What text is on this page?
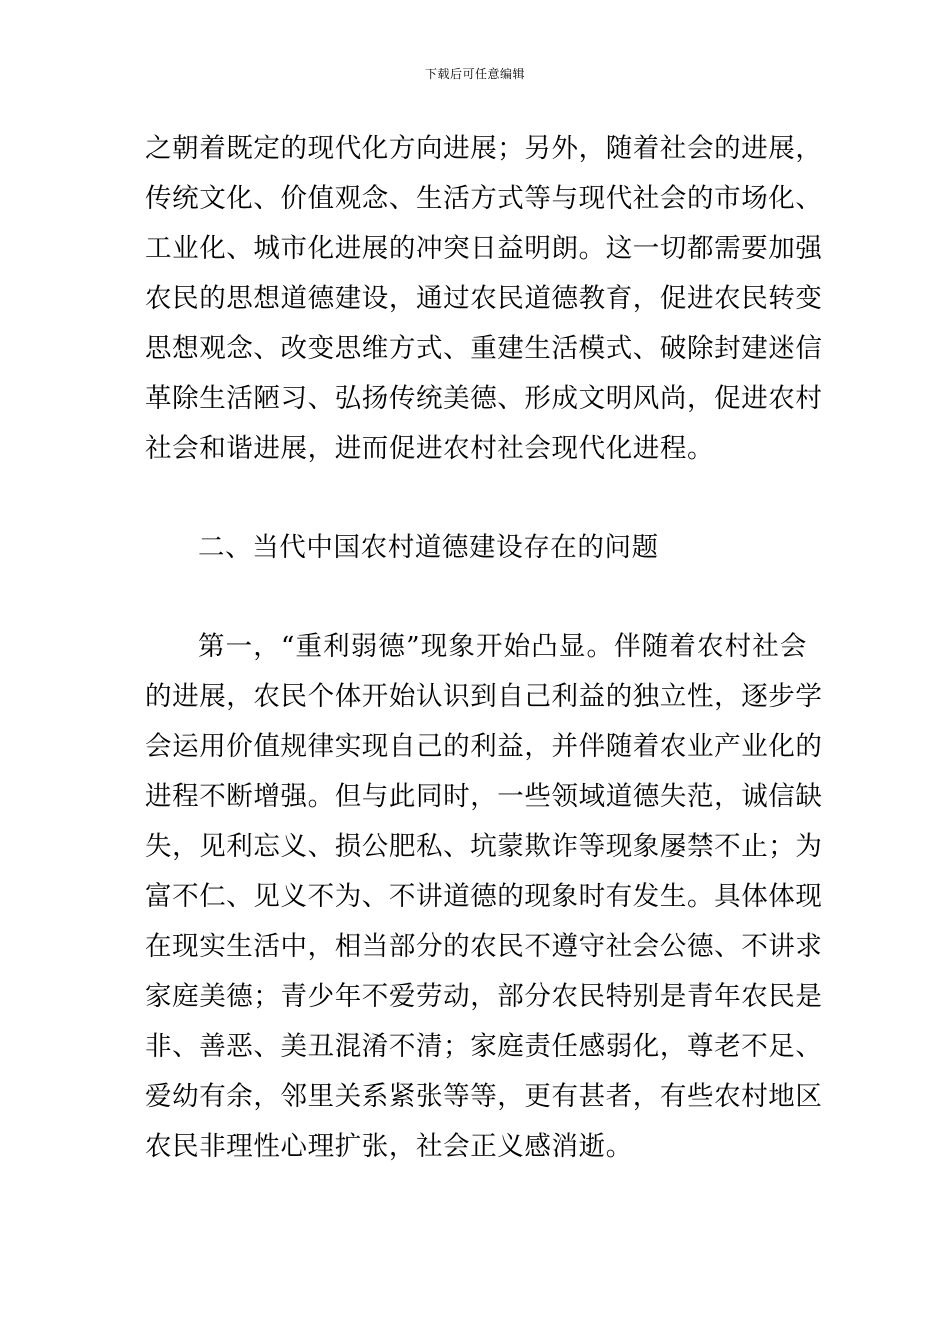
下载后可任意编辑
之朝着既定的现代化方向进展；另外，随着社会的进展，
传统文化、价值观念、生活方式等与现代社会的市场化、
工业化、城市化进展的冲突日益明朗。这一切都需要加强
农民的思想道德建设，通过农民道德教育，促进农民转变
思想观念、改变思维方式、重建生活模式、破除封建迷信
革除生活陋习、弘扬传统美德、形成文明风尚，促进农村
社会和谐进展，进而促进农村社会现代化进程。
二、当代中国农村道德建设存在的问题
第一，“重利弱德”现象开始凸显。伴随着农村社会
的进展，农民个体开始认识到自己利益的独立性，逐步学
会运用价值规律实现自己的利益，并伴随着农业产业化的
进程不断增强。但与此同时，一些领域道德失范，诚信缺
失，见利忘义、损公肥私、坑蒙欺诈等现象屡禁不止；为
富不仁、见义不为、不讲道德的现象时有发生。具体体现
在现实生活中，相当部分的农民不遵守社会公德、不讲求
家庭美德；青少年不爱劳动，部分农民特别是青年农民是
非、善恶、美丑混淆不清；家庭责任感弱化，尊老不足、
爱幼有余，邻里关系紧张等等，更有甚者，有些农村地区
农民非理性心理扩张，社会正义感消逝。
